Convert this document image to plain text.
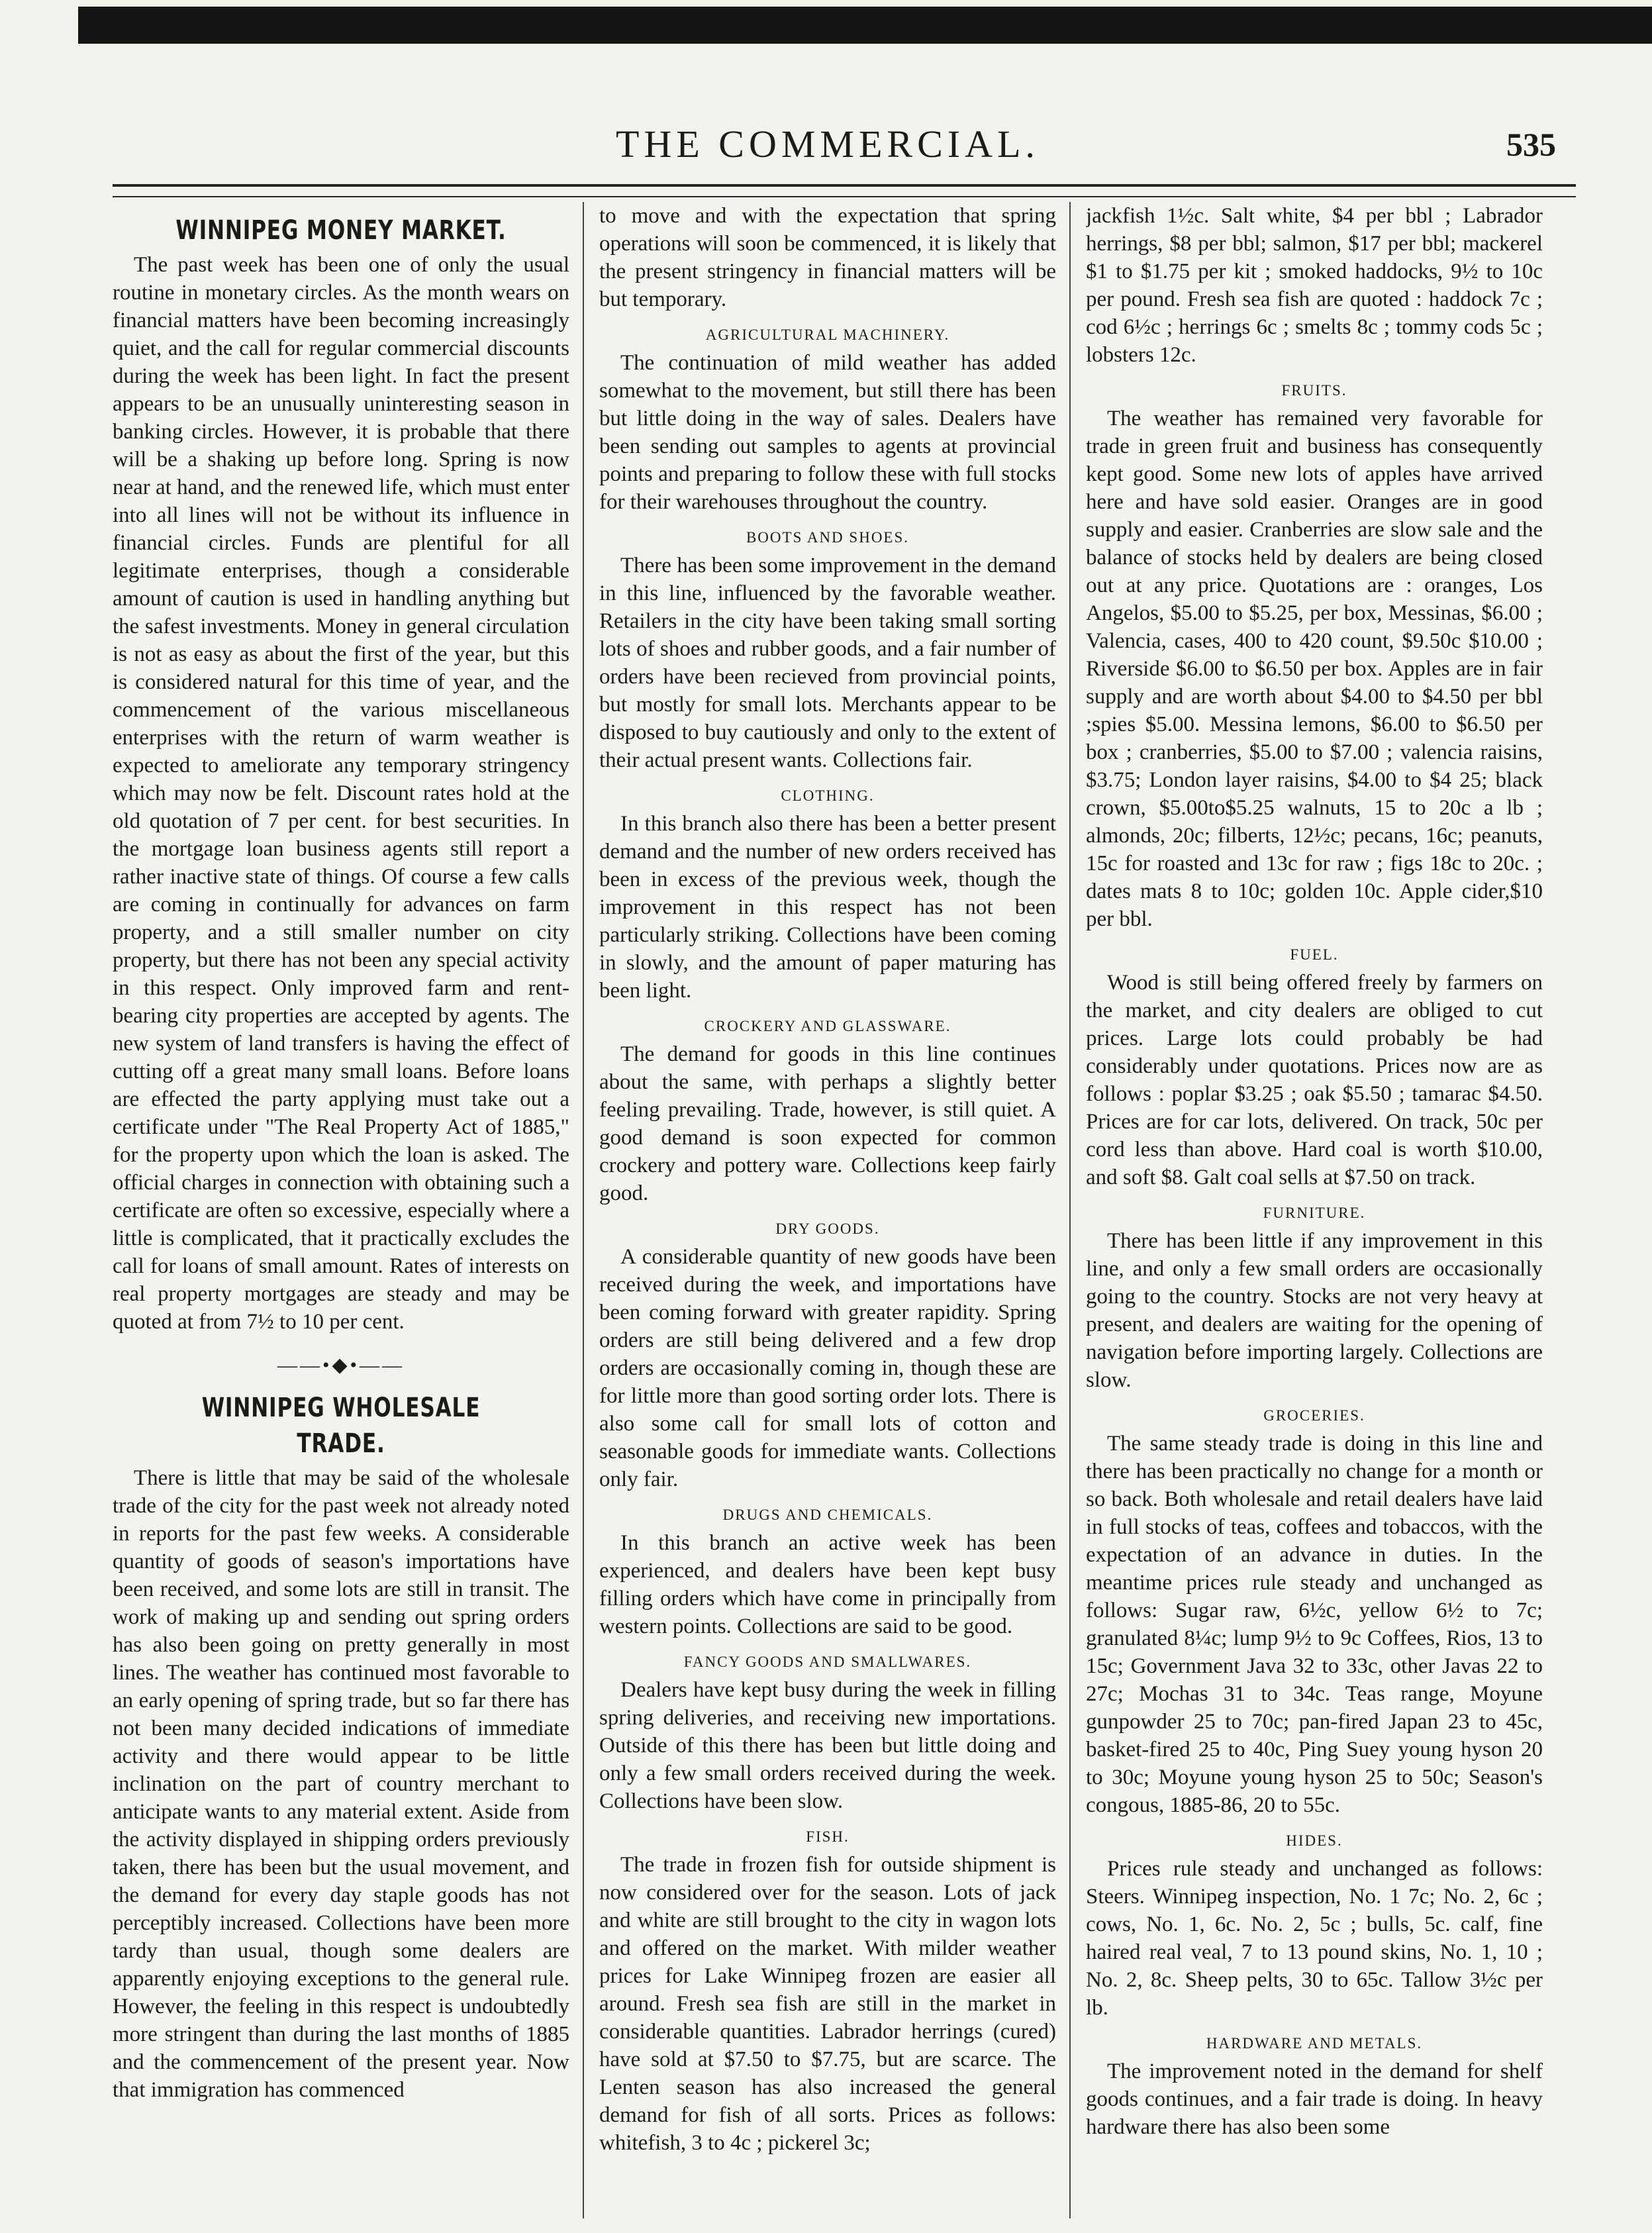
THE COMMERCIAL.	535
WINNIPEG MONEY MARKET.

The past week has been one of only the usual routine in monetary circles. As the month wears on financial matters have been becoming increasingly quiet, and the call for regular commercial discounts during the week has been light. In fact the present appears to be an unusually uninteresting season in banking circles. However, it is probable that there will be a shaking up before long. Spring is now near at hand, and the renewed life, which must enter into all lines will not be without its influence in financial circles. Funds are plentiful for all legitimate enterprises, though a considerable amount of caution is used in handling anything but the safest investments. Money in general circulation is not as easy as about the first of the year, but this is considered natural for this time of year, and the commencement of the various miscellaneous enterprises with the return of warm weather is expected to ameliorate any temporary stringency which may now be felt. Discount rates hold at the old quotation of 7 per cent. for best securities. In the mortgage loan business agents still report a rather inactive state of things. Of course a few calls are coming in continually for advances on farm property, and a still smaller number on city property, but there has not been any special activity in this respect. Only improved farm and rent-bearing city properties are accepted by agents. The new system of land transfers is having the effect of cutting off a great many small loans. Before loans are effected the party applying must take out a certificate under "The Real Property Act of 1885," for the property upon which the loan is asked. The official charges in connection with obtaining such a certificate are often so excessive, especially where a little is complicated, that it practically excludes the call for loans of small amount. Rates of interests on real property mortgages are steady and may be quoted at from 7½ to 10 per cent.

——•◆•——
WINNIPEG WHOLESALE TRADE.

There is little that may be said of the wholesale trade of the city for the past week not already noted in reports for the past few weeks. A considerable quantity of goods of season's importations have been received, and some lots are still in transit. The work of making up and sending out spring orders has also been going on pretty generally in most lines. The weather has continued most favorable to an early opening of spring trade, but so far there has not been many decided indications of immediate activity and there would appear to be little inclination on the part of country merchant to anticipate wants to any material extent. Aside from the activity displayed in shipping orders previously taken, there has been but the usual movement, and the demand for every day staple goods has not perceptibly increased. Collections have been more tardy than usual, though some dealers are apparently enjoying exceptions to the general rule. However, the feeling in this respect is undoubtedly more stringent than during the last months of 1885 and the commencement of the present year. Now that immigration has commenced

to move and with the expectation that spring operations will soon be commenced, it is likely that the present stringency in financial matters will be but temporary.

AGRICULTURAL MACHINERY.

The continuation of mild weather has added somewhat to the movement, but still there has been but little doing in the way of sales. Dealers have been sending out samples to agents at provincial points and preparing to follow these with full stocks for their warehouses throughout the country.

BOOTS AND SHOES.

There has been some improvement in the demand in this line, influenced by the favorable weather. Retailers in the city have been taking small sorting lots of shoes and rubber goods, and a fair number of orders have been recieved from provincial points, but mostly for small lots. Merchants appear to be disposed to buy cautiously and only to the extent of their actual present wants. Collections fair.

CLOTHING.

In this branch also there has been a better present demand and the number of new orders received has been in excess of the previous week, though the improvement in this respect has not been particularly striking. Collections have been coming in slowly, and the amount of paper maturing has been light.

CROCKERY AND GLASSWARE.

The demand for goods in this line continues about the same, with perhaps a slightly better feeling prevailing. Trade, however, is still quiet. A good demand is soon expected for common crockery and pottery ware. Collections keep fairly good.

DRY GOODS.

A considerable quantity of new goods have been received during the week, and importations have been coming forward with greater rapidity. Spring orders are still being delivered and a few drop orders are occasionally coming in, though these are for little more than good sorting order lots. There is also some call for small lots of cotton and seasonable goods for immediate wants. Collections only fair.

DRUGS AND CHEMICALS.

In this branch an active week has been experienced, and dealers have been kept busy filling orders which have come in principally from western points. Collections are said to be good.

FANCY GOODS AND SMALLWARES.

Dealers have kept busy during the week in filling spring deliveries, and receiving new importations. Outside of this there has been but little doing and only a few small orders received during the week. Collections have been slow.

FISH.

The trade in frozen fish for outside shipment is now considered over for the season. Lots of jack and white are still brought to the city in wagon lots and offered on the market. With milder weather prices for Lake Winnipeg frozen are easier all around. Fresh sea fish are still in the market in considerable quantities. Labrador herrings (cured) have sold at $7.50 to $7.75, but are scarce. The Lenten season has also increased the general demand for fish of all sorts. Prices as follows: whitefish, 3 to 4c ; pickerel 3c;

jackfish 1½c. Salt white, $4 per bbl ; Labrador herrings, $8 per bbl; salmon, $17 per bbl; mackerel $1 to $1.75 per kit ; smoked haddocks, 9½ to 10c per pound. Fresh sea fish are quoted : haddock 7c ; cod 6½c ; herrings 6c ; smelts 8c ; tommy cods 5c ; lobsters 12c.

FRUITS.

The weather has remained very favorable for trade in green fruit and business has consequently kept good. Some new lots of apples have arrived here and have sold easier. Oranges are in good supply and easier. Cranberries are slow sale and the balance of stocks held by dealers are being closed out at any price. Quotations are : oranges, Los Angelos, $5.00 to $5.25, per box, Messinas, $6.00 ; Valencia, cases, 400 to 420 count, $9.50c $10.00 ; Riverside $6.00 to $6.50 per box. Apples are in fair supply and are worth about $4.00 to $4.50 per bbl ;spies $5.00. Messina lemons, $6.00 to $6.50 per box ; cranberries, $5.00 to $7.00 ; valencia raisins, $3.75; London layer raisins, $4.00 to $4 25; black crown, $5.00to$5.25 walnuts, 15 to 20c a lb ; almonds, 20c; filberts, 12½c; pecans, 16c; peanuts, 15c for roasted and 13c for raw ; figs 18c to 20c. ; dates mats 8 to 10c; golden 10c. Apple cider,$10 per bbl.

FUEL.

Wood is still being offered freely by farmers on the market, and city dealers are obliged to cut prices. Large lots could probably be had considerably under quotations. Prices now are as follows : poplar $3.25 ; oak $5.50 ; tamarac $4.50. Prices are for car lots, delivered. On track, 50c per cord less than above. Hard coal is worth $10.00, and soft $8. Galt coal sells at $7.50 on track.

FURNITURE.

There has been little if any improvement in this line, and only a few small orders are occasionally going to the country. Stocks are not very heavy at present, and dealers are waiting for the opening of navigation before importing largely. Collections are slow.

GROCERIES.

The same steady trade is doing in this line and there has been practically no change for a month or so back. Both wholesale and retail dealers have laid in full stocks of teas, coffees and tobaccos, with the expectation of an advance in duties. In the meantime prices rule steady and unchanged as follows: Sugar raw, 6½c, yellow 6½ to 7c; granulated 8¼c; lump 9½ to 9c Coffees, Rios, 13 to 15c; Government Java 32 to 33c, other Javas 22 to 27c; Mochas 31 to 34c. Teas range, Moyune gunpowder 25 to 70c; pan-fired Japan 23 to 45c, basket-fired 25 to 40c, Ping Suey young hyson 20 to 30c; Moyune young hyson 25 to 50c; Season's congous, 1885-86, 20 to 55c.

HIDES.

Prices rule steady and unchanged as follows: Steers. Winnipeg inspection, No. 1 7c; No. 2, 6c ; cows, No. 1, 6c. No. 2, 5c ; bulls, 5c. calf, fine haired real veal, 7 to 13 pound skins, No. 1, 10 ; No. 2, 8c. Sheep pelts, 30 to 65c. Tallow 3½c per lb.

HARDWARE AND METALS.

The improvement noted in the demand for shelf goods continues, and a fair trade is doing. In heavy hardware there has also been some
